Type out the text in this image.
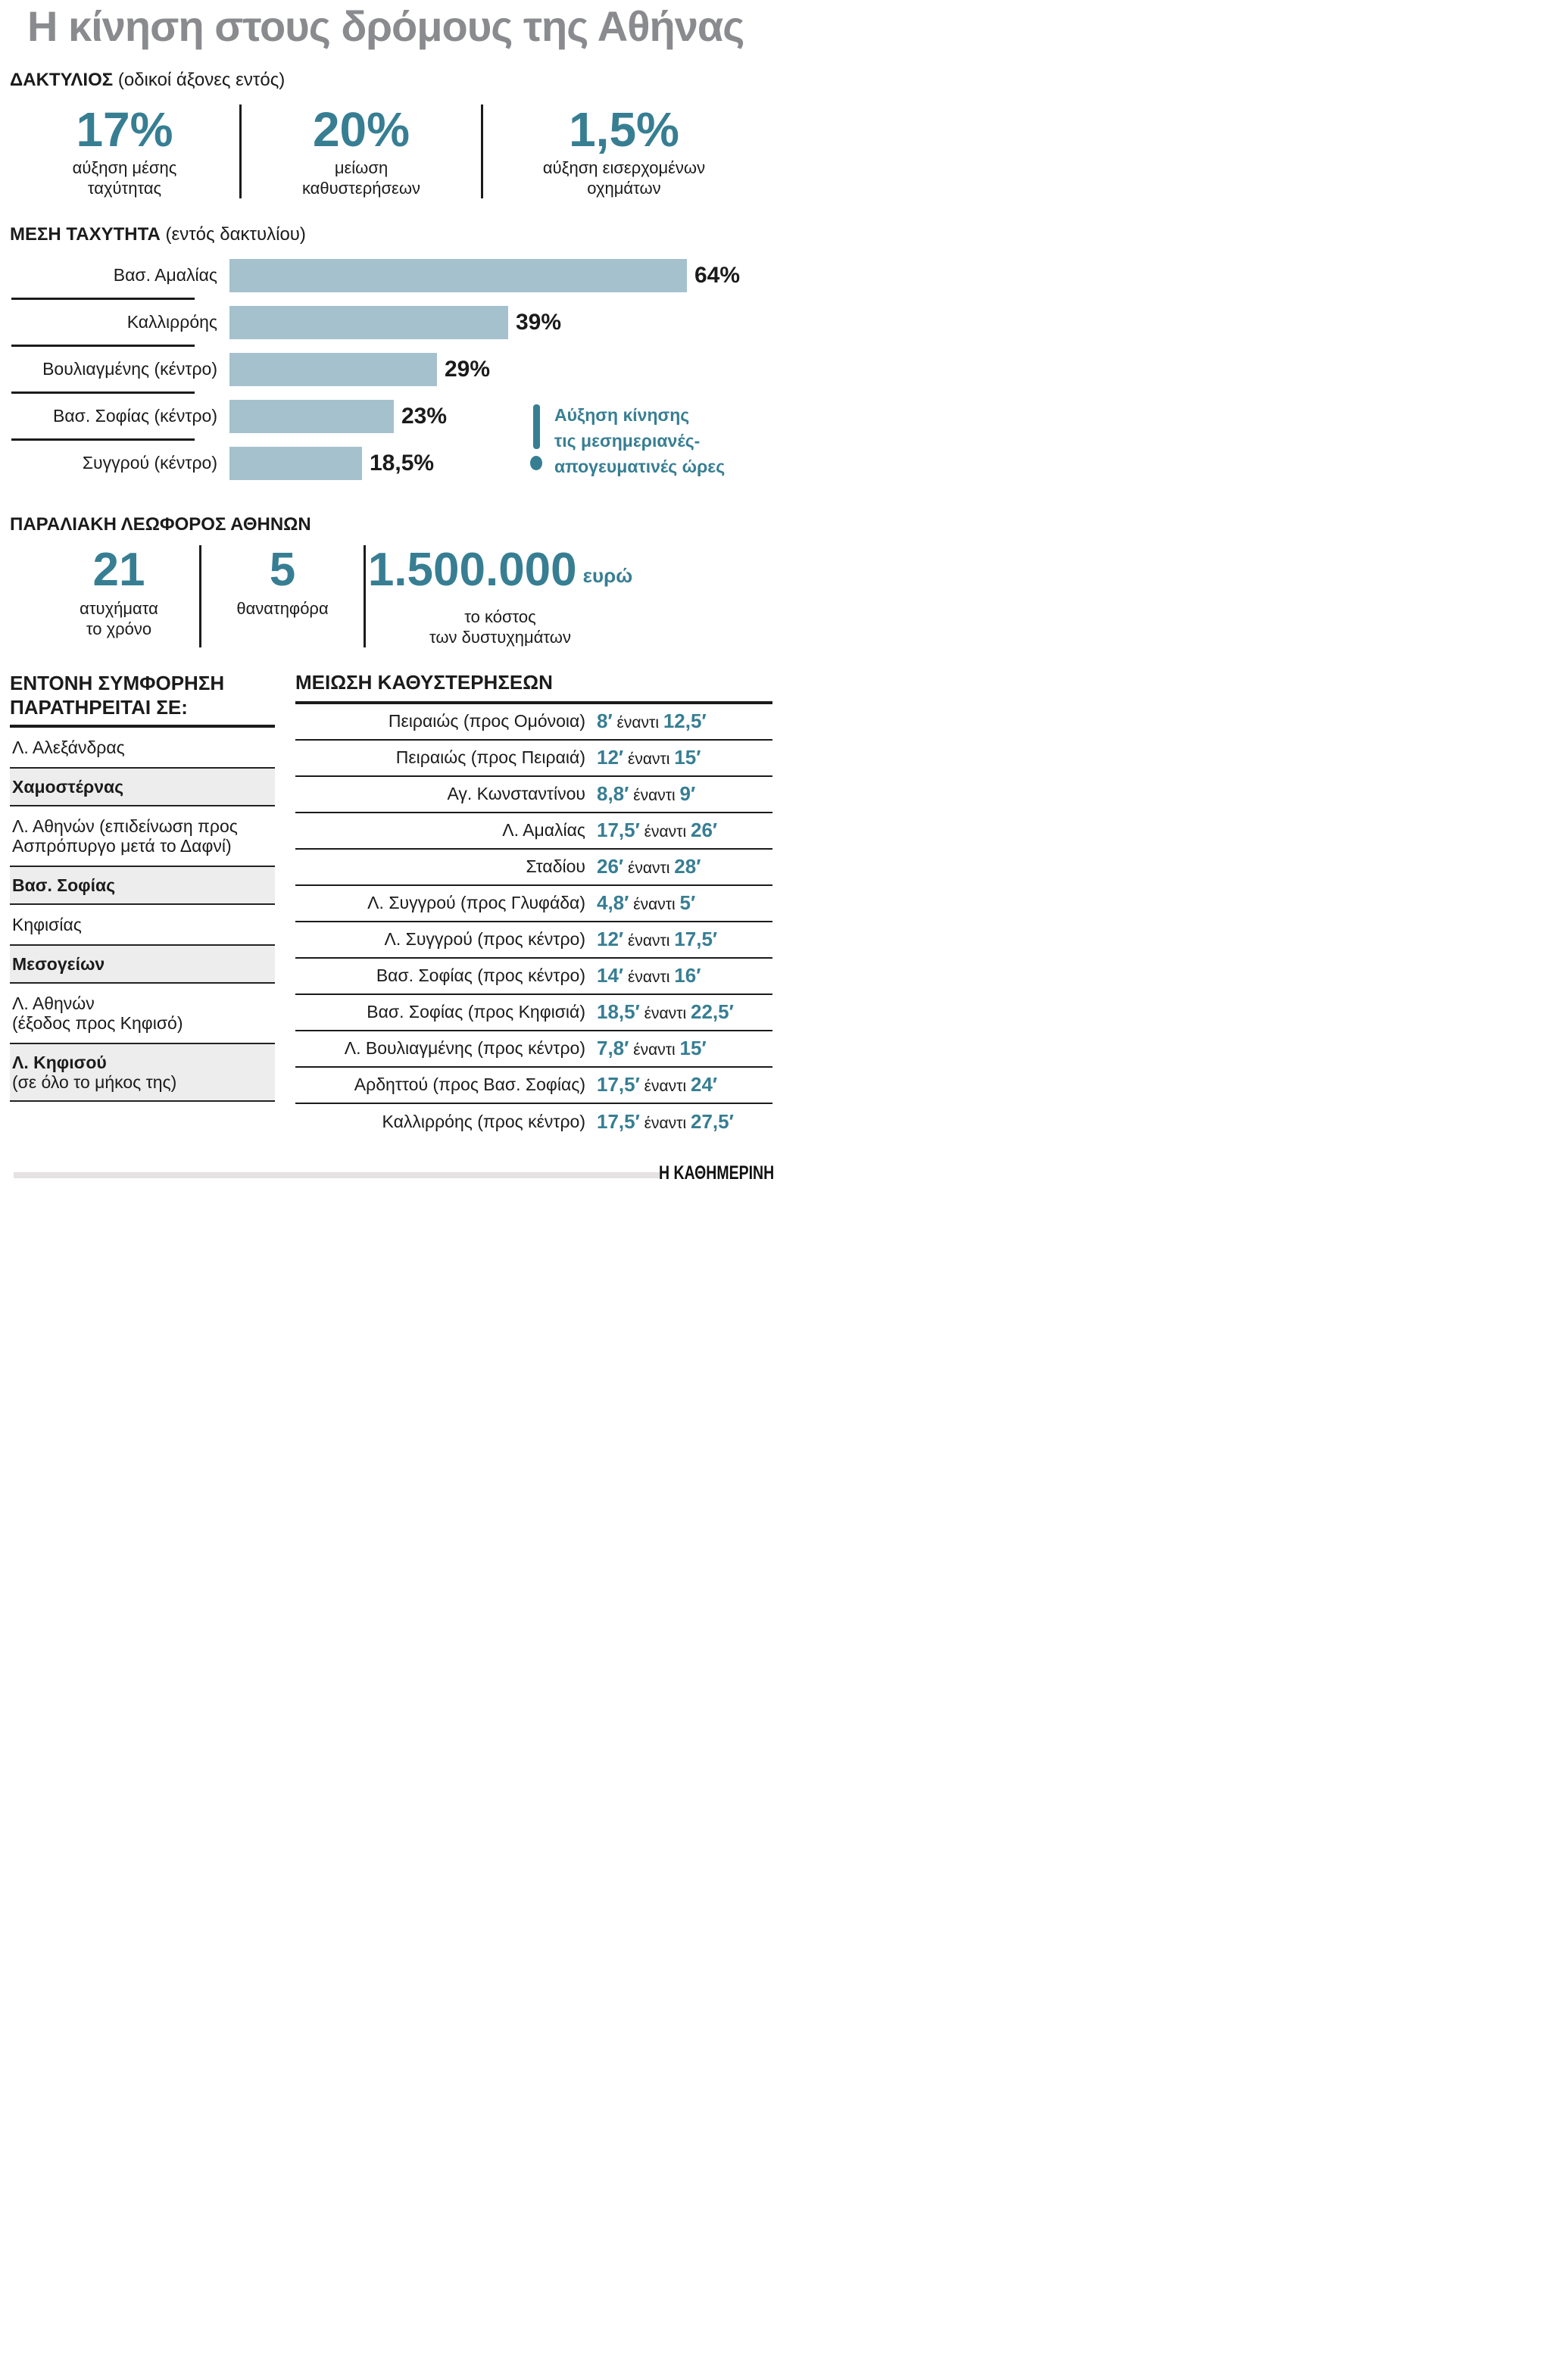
Η κίνηση στους δρόμους της Αθήνας
ΔΑΚΤΥΛΙΟΣ (οδικοί άξονες εντός)
17%
αύξηση μέσης
ταχύτητας
20%
μείωση
καθυστερήσεων
1,5%
αύξηση εισερχομένων
οχημάτων
ΜΕΣΗ ΤΑΧΥΤΗΤΑ (εντός δακτυλίου)
Βασ. Αμαλίας	64%
Καλλιρρόης	39%
Βουλιαγμένης (κέντρο)	29%
Βασ. Σοφίας (κέντρο)	23%
Συγγρού (κέντρο)	18,5%
Αύξηση κίνησης
τις μεσημεριανές-
απογευματινές ώρες
ΠΑΡΑΛΙΑΚΗ ΛΕΩΦΟΡΟΣ ΑΘΗΝΩΝ
21
ατυχήματα
το χρόνο
5
θανατηφόρα
1.500.000 ευρώ
το κόστος
των δυστυχημάτων
ΕΝΤΟΝΗ ΣΥΜΦΟΡΗΣΗ
ΠΑΡΑΤΗΡΕΙΤΑΙ ΣΕ:
Λ. Αλεξάνδρας
Χαμοστέρνας
Λ. Αθηνών (επιδείνωση προς
Ασπρόπυργο μετά το Δαφνί)
Βασ. Σοφίας
Κηφισίας
Μεσογείων
Λ. Αθηνών
(έξοδος προς Κηφισό)
Λ. Κηφισού
(σε όλο το μήκος της)
ΜΕΙΩΣΗ ΚΑΘΥΣΤΕΡΗΣΕΩΝ
Πειραιώς (προς Ομόνοια) 8′ έναντι 12,5′
Πειραιώς (προς Πειραιά) 12′ έναντι 15′
Αγ. Κωνσταντίνου 8,8′ έναντι 9′
Λ. Αμαλίας 17,5′ έναντι 26′
Σταδίου 26′ έναντι 28′
Λ. Συγγρού (προς Γλυφάδα) 4,8′ έναντι 5′
Λ. Συγγρού (προς κέντρο) 12′ έναντι 17,5′
Βασ. Σοφίας (προς κέντρο) 14′ έναντι 16′
Βασ. Σοφίας (προς Κηφισιά) 18,5′ έναντι 22,5′
Λ. Βουλιαγμένης (προς κέντρο) 7,8′ έναντι 15′
Αρδηττού (προς Βασ. Σοφίας) 17,5′ έναντι 24′
Καλλιρρόης (προς κέντρο) 17,5′ έναντι 27,5′
Η ΚΑΘΗΜΕΡΙΝΗ
